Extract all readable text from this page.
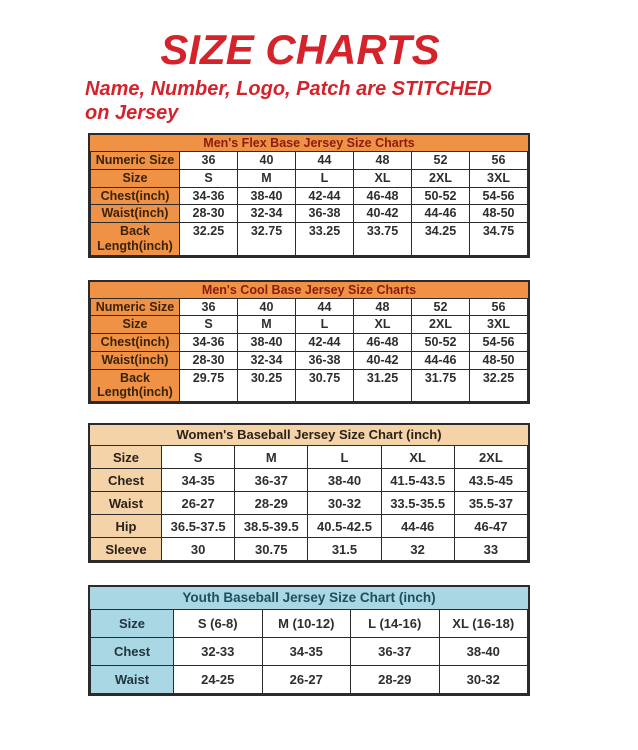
SIZE CHARTS

Name, Number, Logo, Patch are STITCHED
on Jersey

Men's Flex Base Jersey Size Charts
Numeric Size	36	40	44	48	52	56
Size	S	M	L	XL	2XL	3XL
Chest(inch)	34-36	38-40	42-44	46-48	50-52	54-56
Waist(inch)	28-30	32-34	36-38	40-42	44-46	48-50
Back Length(inch)	32.25	32.75	33.25	33.75	34.25	34.75
Men's Cool Base Jersey Size Charts
Numeric Size	36	40	44	48	52	56
Size	S	M	L	XL	2XL	3XL
Chest(inch)	34-36	38-40	42-44	46-48	50-52	54-56
Waist(inch)	28-30	32-34	36-38	40-42	44-46	48-50
Back Length(inch)	29.75	30.25	30.75	31.25	31.75	32.25
Women's Baseball Jersey Size Chart (inch)
Size	S	M	L	XL	2XL
Chest	34-35	36-37	38-40	41.5-43.5	43.5-45
Waist	26-27	28-29	30-32	33.5-35.5	35.5-37
Hip	36.5-37.5	38.5-39.5	40.5-42.5	44-46	46-47
Sleeve	30	30.75	31.5	32	33
Youth Baseball Jersey Size Chart (inch)
Size	S (6-8)	M (10-12)	L (14-16)	XL (16-18)
Chest	32-33	34-35	36-37	38-40
Waist	24-25	26-27	28-29	30-32
